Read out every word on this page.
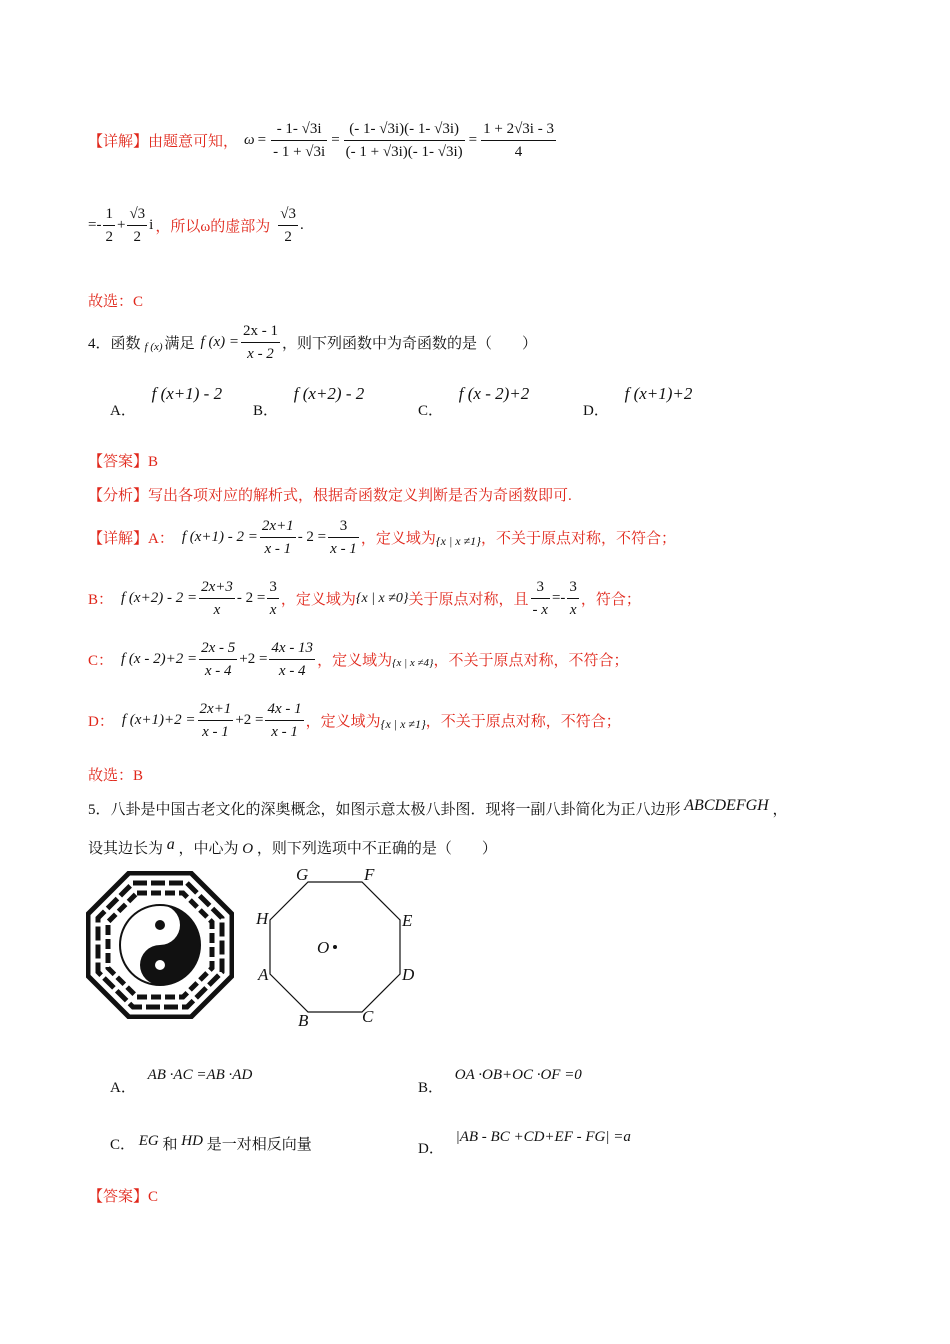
【详解】由题意可知， $\omega = \frac{- 1- √3i}{- 1 + √3i} = \frac{(- 1- √3i)(- 1- √3i)}{(- 1 + √3i)(- 1- √3i)} = \frac{1 + 2√3i - 3}{4}$
=- $\frac{1}{2} + \frac{√3}{2}$ i ，所以ω的虚部为 $\frac{√3}{2}$ .
故选：C
4．函数 f (x) 满足 f $(x) = \frac{2x - 1}{x - 2}$ ，则下列函数中为奇函数的是（　　）
A． f (x+1) - 2
B． f (x+2) - 2
C． f (x - 2)+2
D． f (x+1)+2
【答案】B
【分析】写出各项对应的解析式，根据奇函数定义判断是否为奇函数即可.
【详解】A： f $(x+1) - 2 = \frac{2x+1}{x - 1} - 2 = \frac{3}{x - 1}$ ，定义域为 {x | x ≠1} ，不关于原点对称，不符合；
B： f $(x+2) - 2 = \frac{2x+3}{x} - 2 = \frac{3}{x}$ ，定义域为 {x | x ≠0} 关于原点对称，且 $\frac{3}{- x} =- \frac{3}{x}$ ，符合；
C： f $(x - 2)+2 = \frac{2x - 5}{x - 4} +2 = \frac{4x - 13}{x - 4}$ ，定义域为 {x | x ≠4} ，不关于原点对称，不符合；
D： f $(x+1)+2 = \frac{2x+1}{x - 1} +2 = \frac{4x - 1}{x - 1}$ ，定义域为 {x | x ≠1} ，不关于原点对称，不符合；
故选：B
5．八卦是中国古老文化的深奥概念，如图示意太极八卦图．现将一副八卦简化为正八边形 ABCDEFGH ，
设其边长为 a ，中心为 O ，则下列选项中不正确的是（　　）
G	F
H	E
O
A	D
B	C
A． AB ·AC =AB ·AD
B． OA ·OB+OC ·OF =0
C． EG 和 HD 是一对相反向量	D． |AB - BC +CD+EF - FG| =a
【答案】C
